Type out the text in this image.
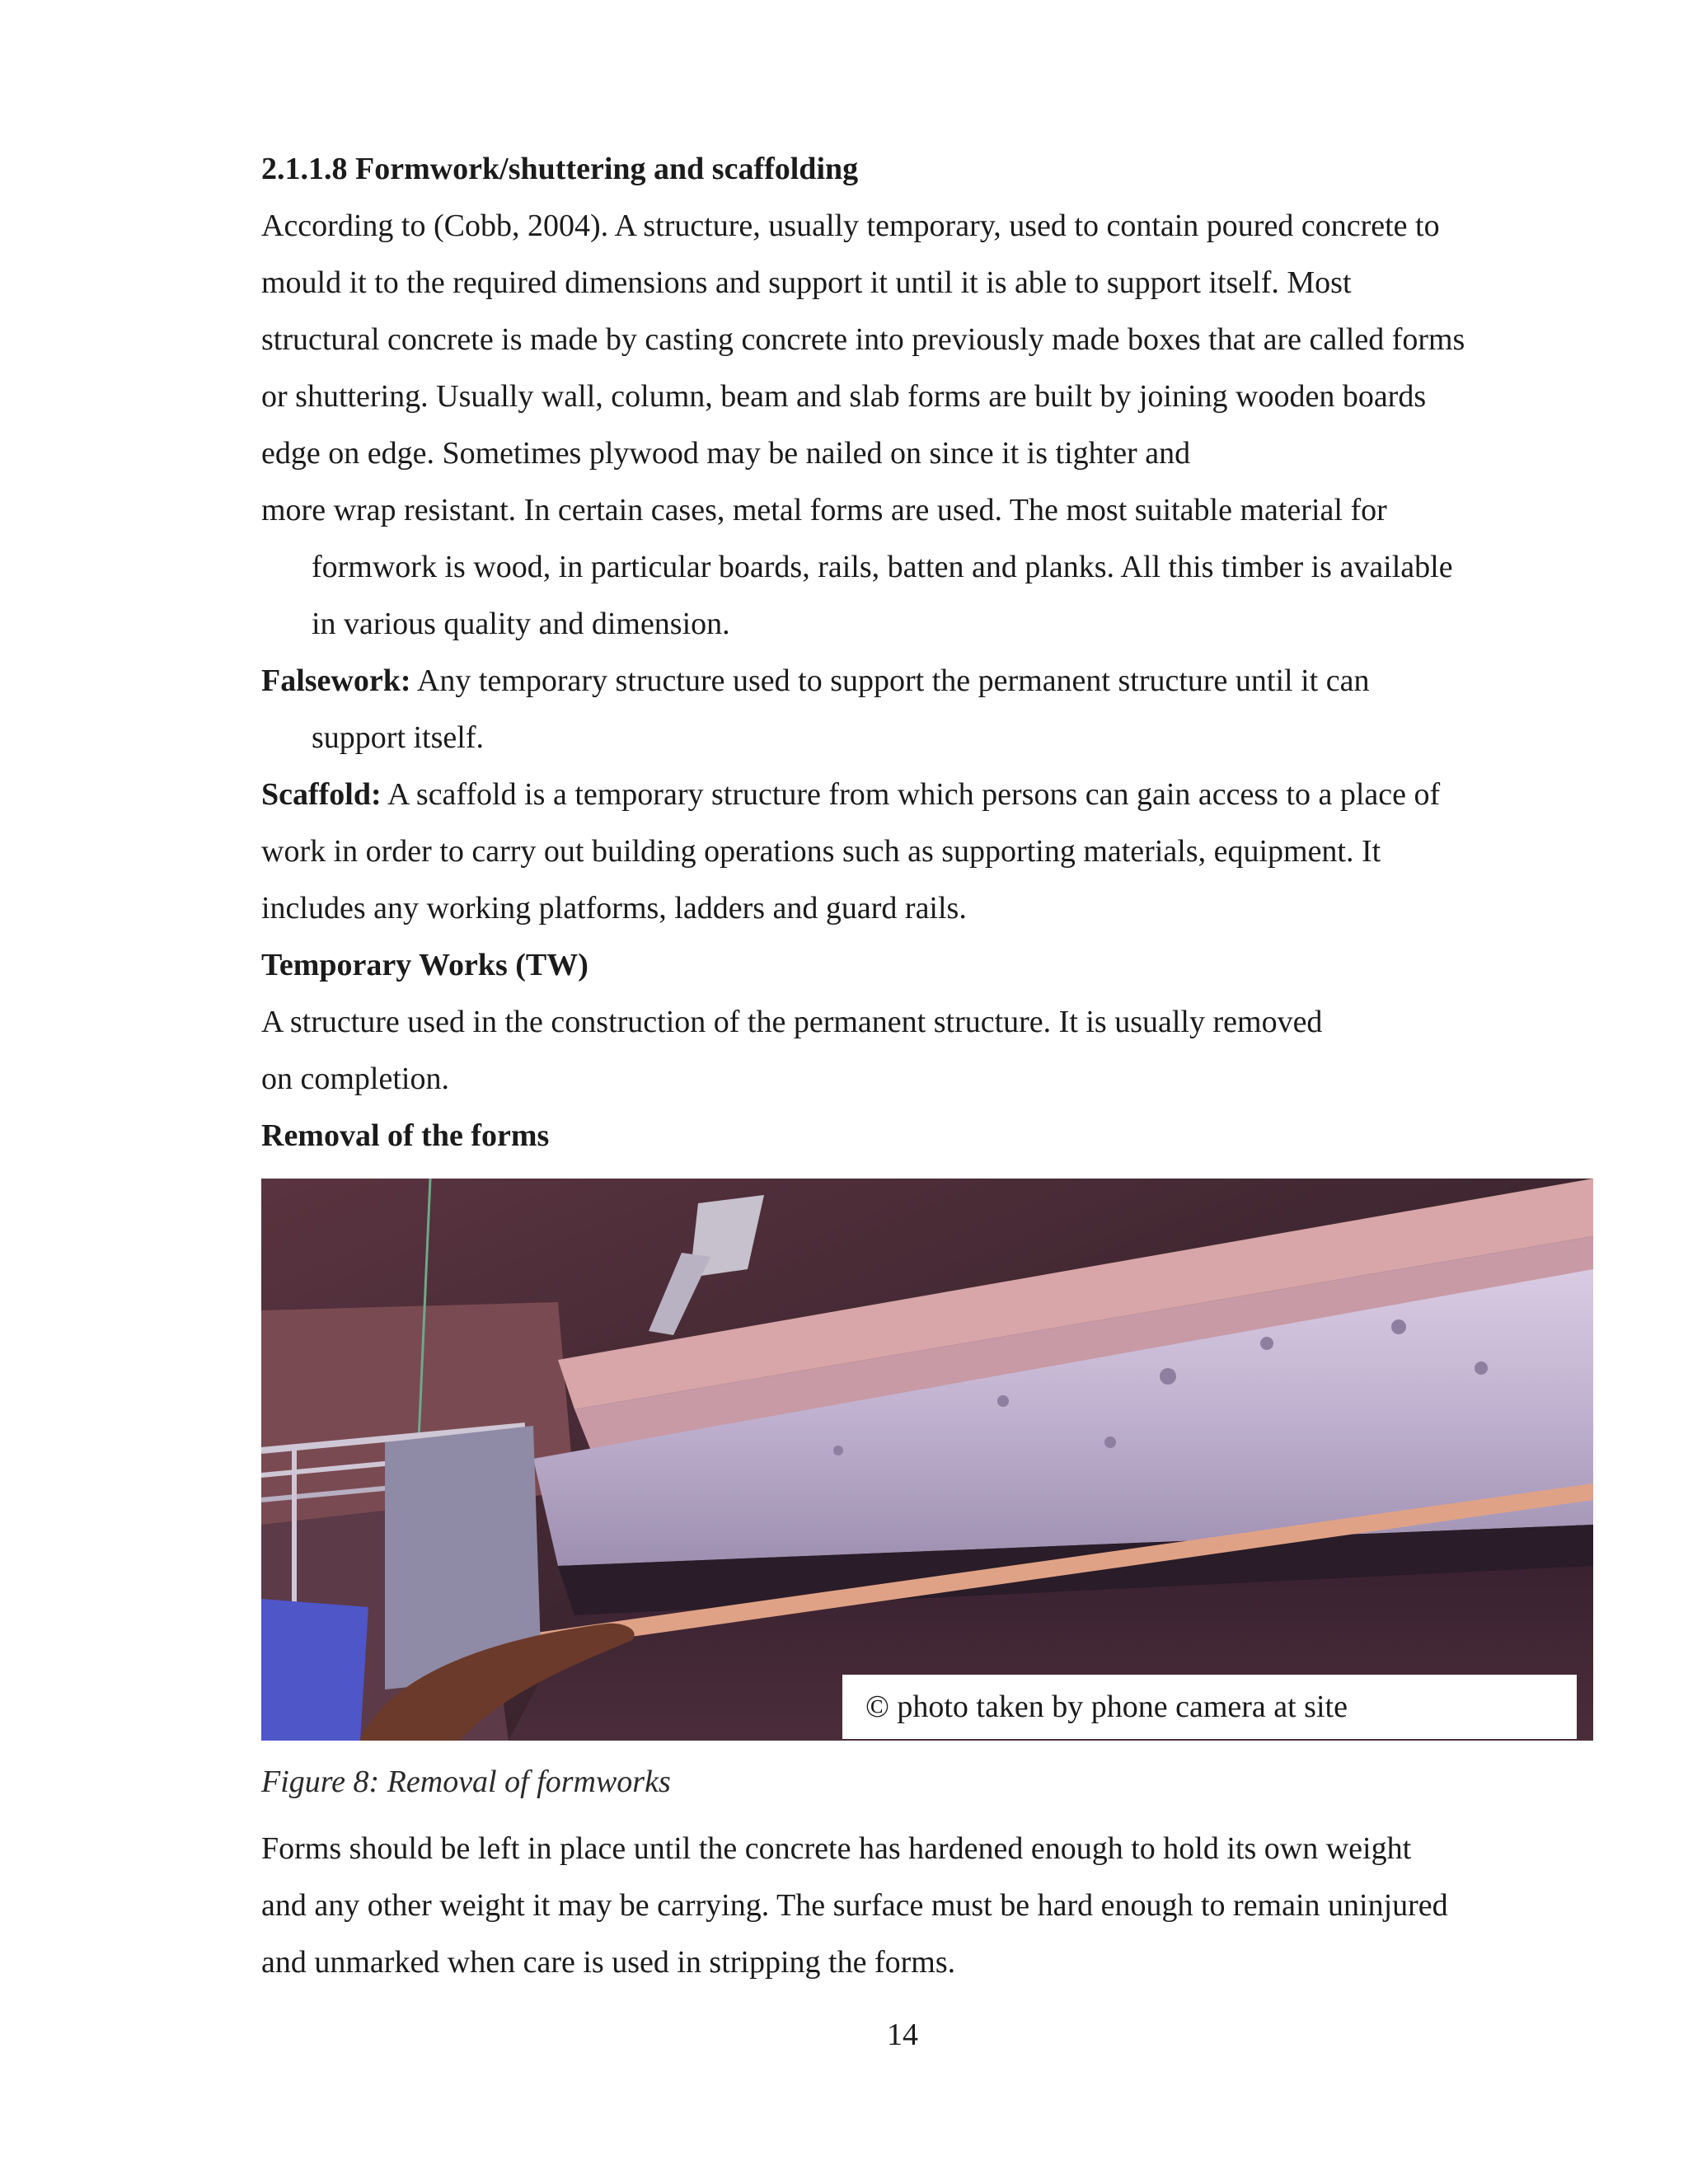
2.1.1.8 Formwork/shuttering and scaffolding
According to (Cobb, 2004). A structure, usually temporary, used to contain poured concrete to
mould it to the required dimensions and support it until it is able to support itself. Most
structural concrete is made by casting concrete into previously made boxes that are called forms
or shuttering. Usually wall, column, beam and slab forms are built by joining wooden boards
edge on edge. Sometimes plywood may be nailed on since it is tighter and
more wrap resistant. In certain cases, metal forms are used. The most suitable material for
formwork is wood, in particular boards, rails, batten and planks. All this timber is available
in various quality and dimension.
Falsework: Any temporary structure used to support the permanent structure until it can
support itself.
Scaffold: A scaffold is a temporary structure from which persons can gain access to a place of
work in order to carry out building operations such as supporting materials, equipment. It
includes any working platforms, ladders and guard rails.
Temporary Works (TW)
A structure used in the construction of the permanent structure. It is usually removed
on completion.
Removal of the forms
© photo taken by phone camera at site
Figure 8: Removal of formworks
Forms should be left in place until the concrete has hardened enough to hold its own weight
and any other weight it may be carrying. The surface must be hard enough to remain uninjured
and unmarked when care is used in stripping the forms.
14
